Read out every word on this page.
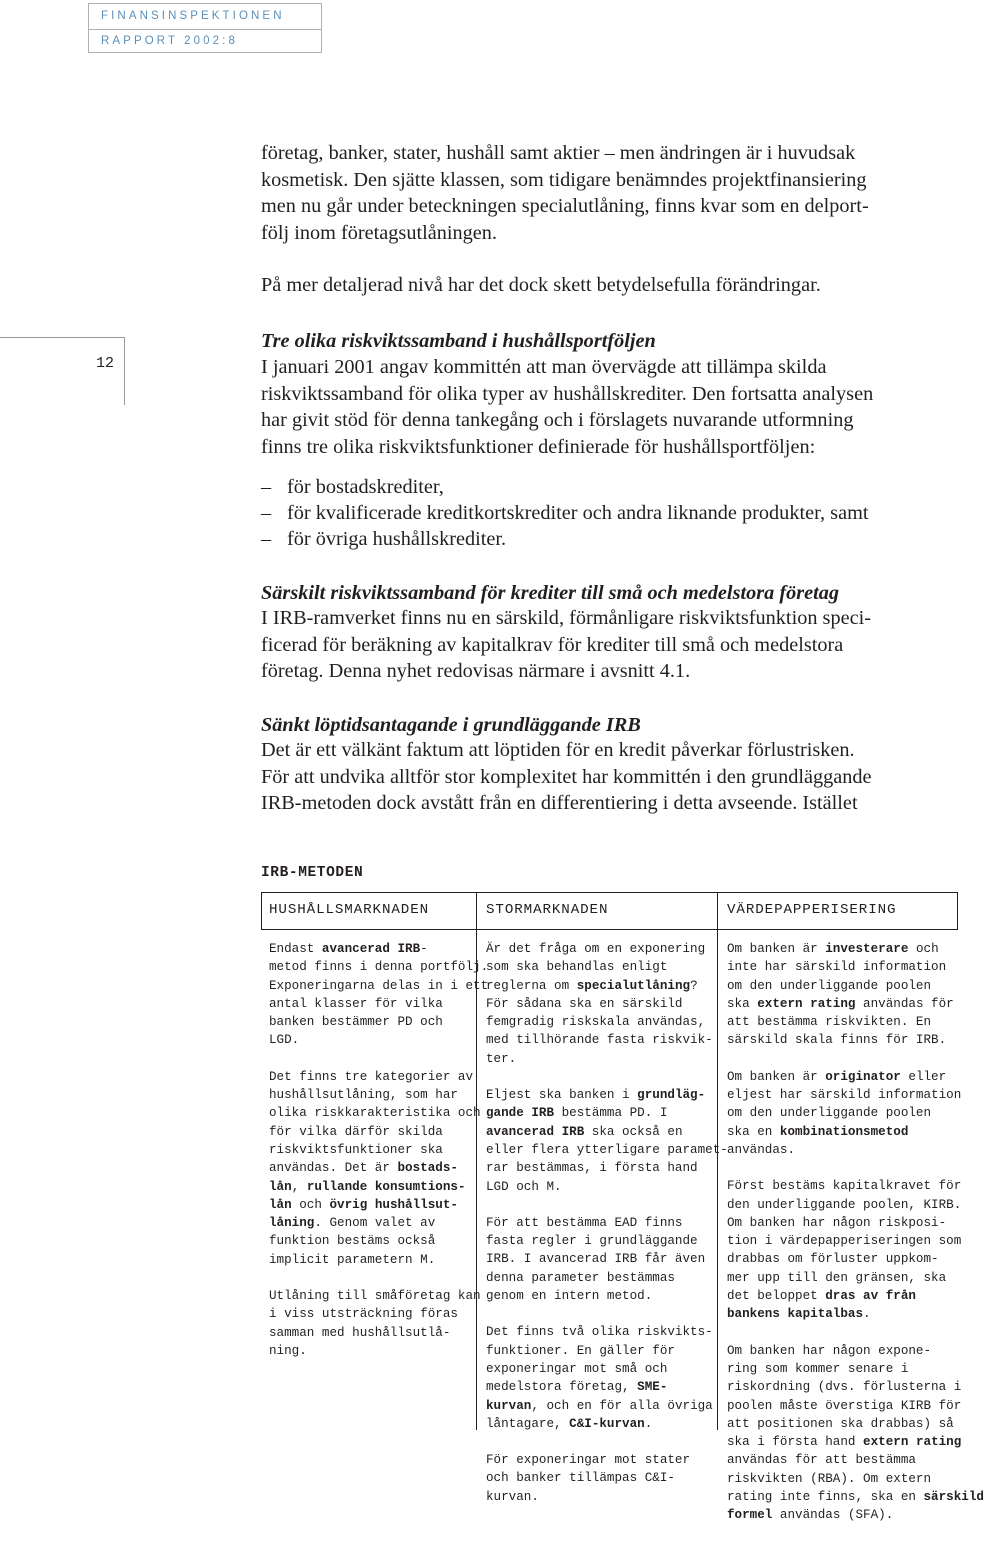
FINANSINSPEKTIONEN
RAPPORT 2002:8
12
företag, banker, stater, hushåll samt aktier – men ändringen är i huvudsak
kosmetisk. Den sjätte klassen, som tidigare benämndes projektfinansiering
men nu går under beteckningen specialutlåning, finns kvar som en delport-
följ inom företagsutlåningen.
På mer detaljerad nivå har det dock skett betydelsefulla förändringar.
Tre olika riskviktssamband i hushållsportföljen
I januari 2001 angav kommittén att man övervägde att tillämpa skilda
riskviktssamband för olika typer av hushållskrediter. Den fortsatta analysen
har givit stöd för denna tankegång och i förslagets nuvarande utformning
finns tre olika riskviktsfunktioner definierade för hushållsportföljen:
– för bostadskrediter,
– för kvalificerade kreditkortskrediter och andra liknande produkter, samt
– för övriga hushållskrediter.
Särskilt riskviktssamband för krediter till små och medelstora företag
I IRB-ramverket finns nu en särskild, förmånligare riskviktsfunktion speci-
ficerad för beräkning av kapitalkrav för krediter till små och medelstora
företag. Denna nyhet redovisas närmare i avsnitt 4.1.
Sänkt löptidsantagande i grundläggande IRB
Det är ett välkänt faktum att löptiden för en kredit påverkar förlustrisken.
För att undvika alltför stor komplexitet har kommittén i den grundläggande
IRB-metoden dock avstått från en differentiering i detta avseende. Istället
IRB-METODEN
HUSHÅLLSMARKNADEN	STORMARKNADEN	VÄRDEPAPPERISERING

Endast avancerad IRB-

metod finns i denna portfölj.

Exponeringarna delas in i ett

antal klasser för vilka

banken bestämmer PD och

LGD.

Det finns tre kategorier av

hushållsutlåning, som har

olika riskkarakteristika och

för vilka därför skilda

riskviktsfunktioner ska

användas. Det är bostads-

lån, rullande konsumtions-

lån och övrig hushållsut-

låning. Genom valet av

funktion bestäms också

implicit parametern M.

Utlåning till småföretag kan

i viss utsträckning föras

samman med hushållsutlå-

ning.

Är det fråga om en exponering

som ska behandlas enligt

reglerna om specialutlåning?

För sådana ska en särskild

femgradig riskskala användas,

med tillhörande fasta riskvik-

ter.

Eljest ska banken i grundläg-

gande IRB bestämma PD. I

avancerad IRB ska också en

eller flera ytterligare paramet-

rar bestämmas, i första hand

LGD och M.

För att bestämma EAD finns

fasta regler i grundläggande

IRB. I avancerad IRB får även

denna parameter bestämmas

genom en intern metod.

Det finns två olika riskvikts-

funktioner. En gäller för

exponeringar mot små och

medelstora företag, SME-

kurvan, och en för alla övriga

låntagare, C&I-kurvan.

För exponeringar mot stater

och banker tillämpas C&I-

kurvan.

Om banken är investerare och

inte har särskild information

om den underliggande poolen

ska extern rating användas för

att bestämma riskvikten. En

särskild skala finns för IRB.

Om banken är originator eller

eljest har särskild information

om den underliggande poolen

ska en kombinationsmetod

användas.

Först bestäms kapitalkravet för

den underliggande poolen, KIRB.

Om banken har någon riskposi-

tion i värdepapperiseringen som

drabbas om förluster uppkom-

mer upp till den gränsen, ska

det beloppet dras av från

bankens kapitalbas.

Om banken har någon expone-

ring som kommer senare i

riskordning (dvs. förlusterna i

poolen måste överstiga KIRB för

att positionen ska drabbas) så

ska i första hand extern rating

användas för att bestämma

riskvikten (RBA). Om extern

rating inte finns, ska en särskild

formel användas (SFA).
